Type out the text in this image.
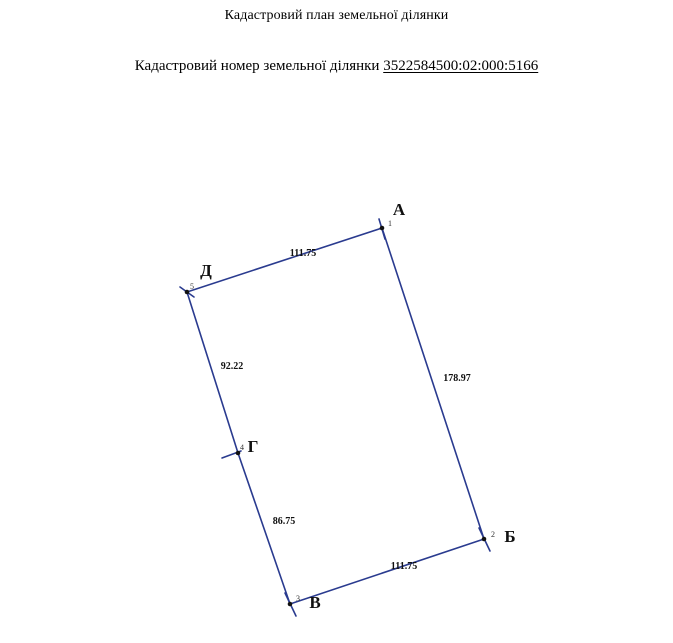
Кадастровий план земельної ділянки
Кадастровий номер земельної ділянки 3522584500:02:000:5166
1
2
3
4
5
А
Б
В
Г
Д
111.75
178.97
111.75
92.22
86.75
